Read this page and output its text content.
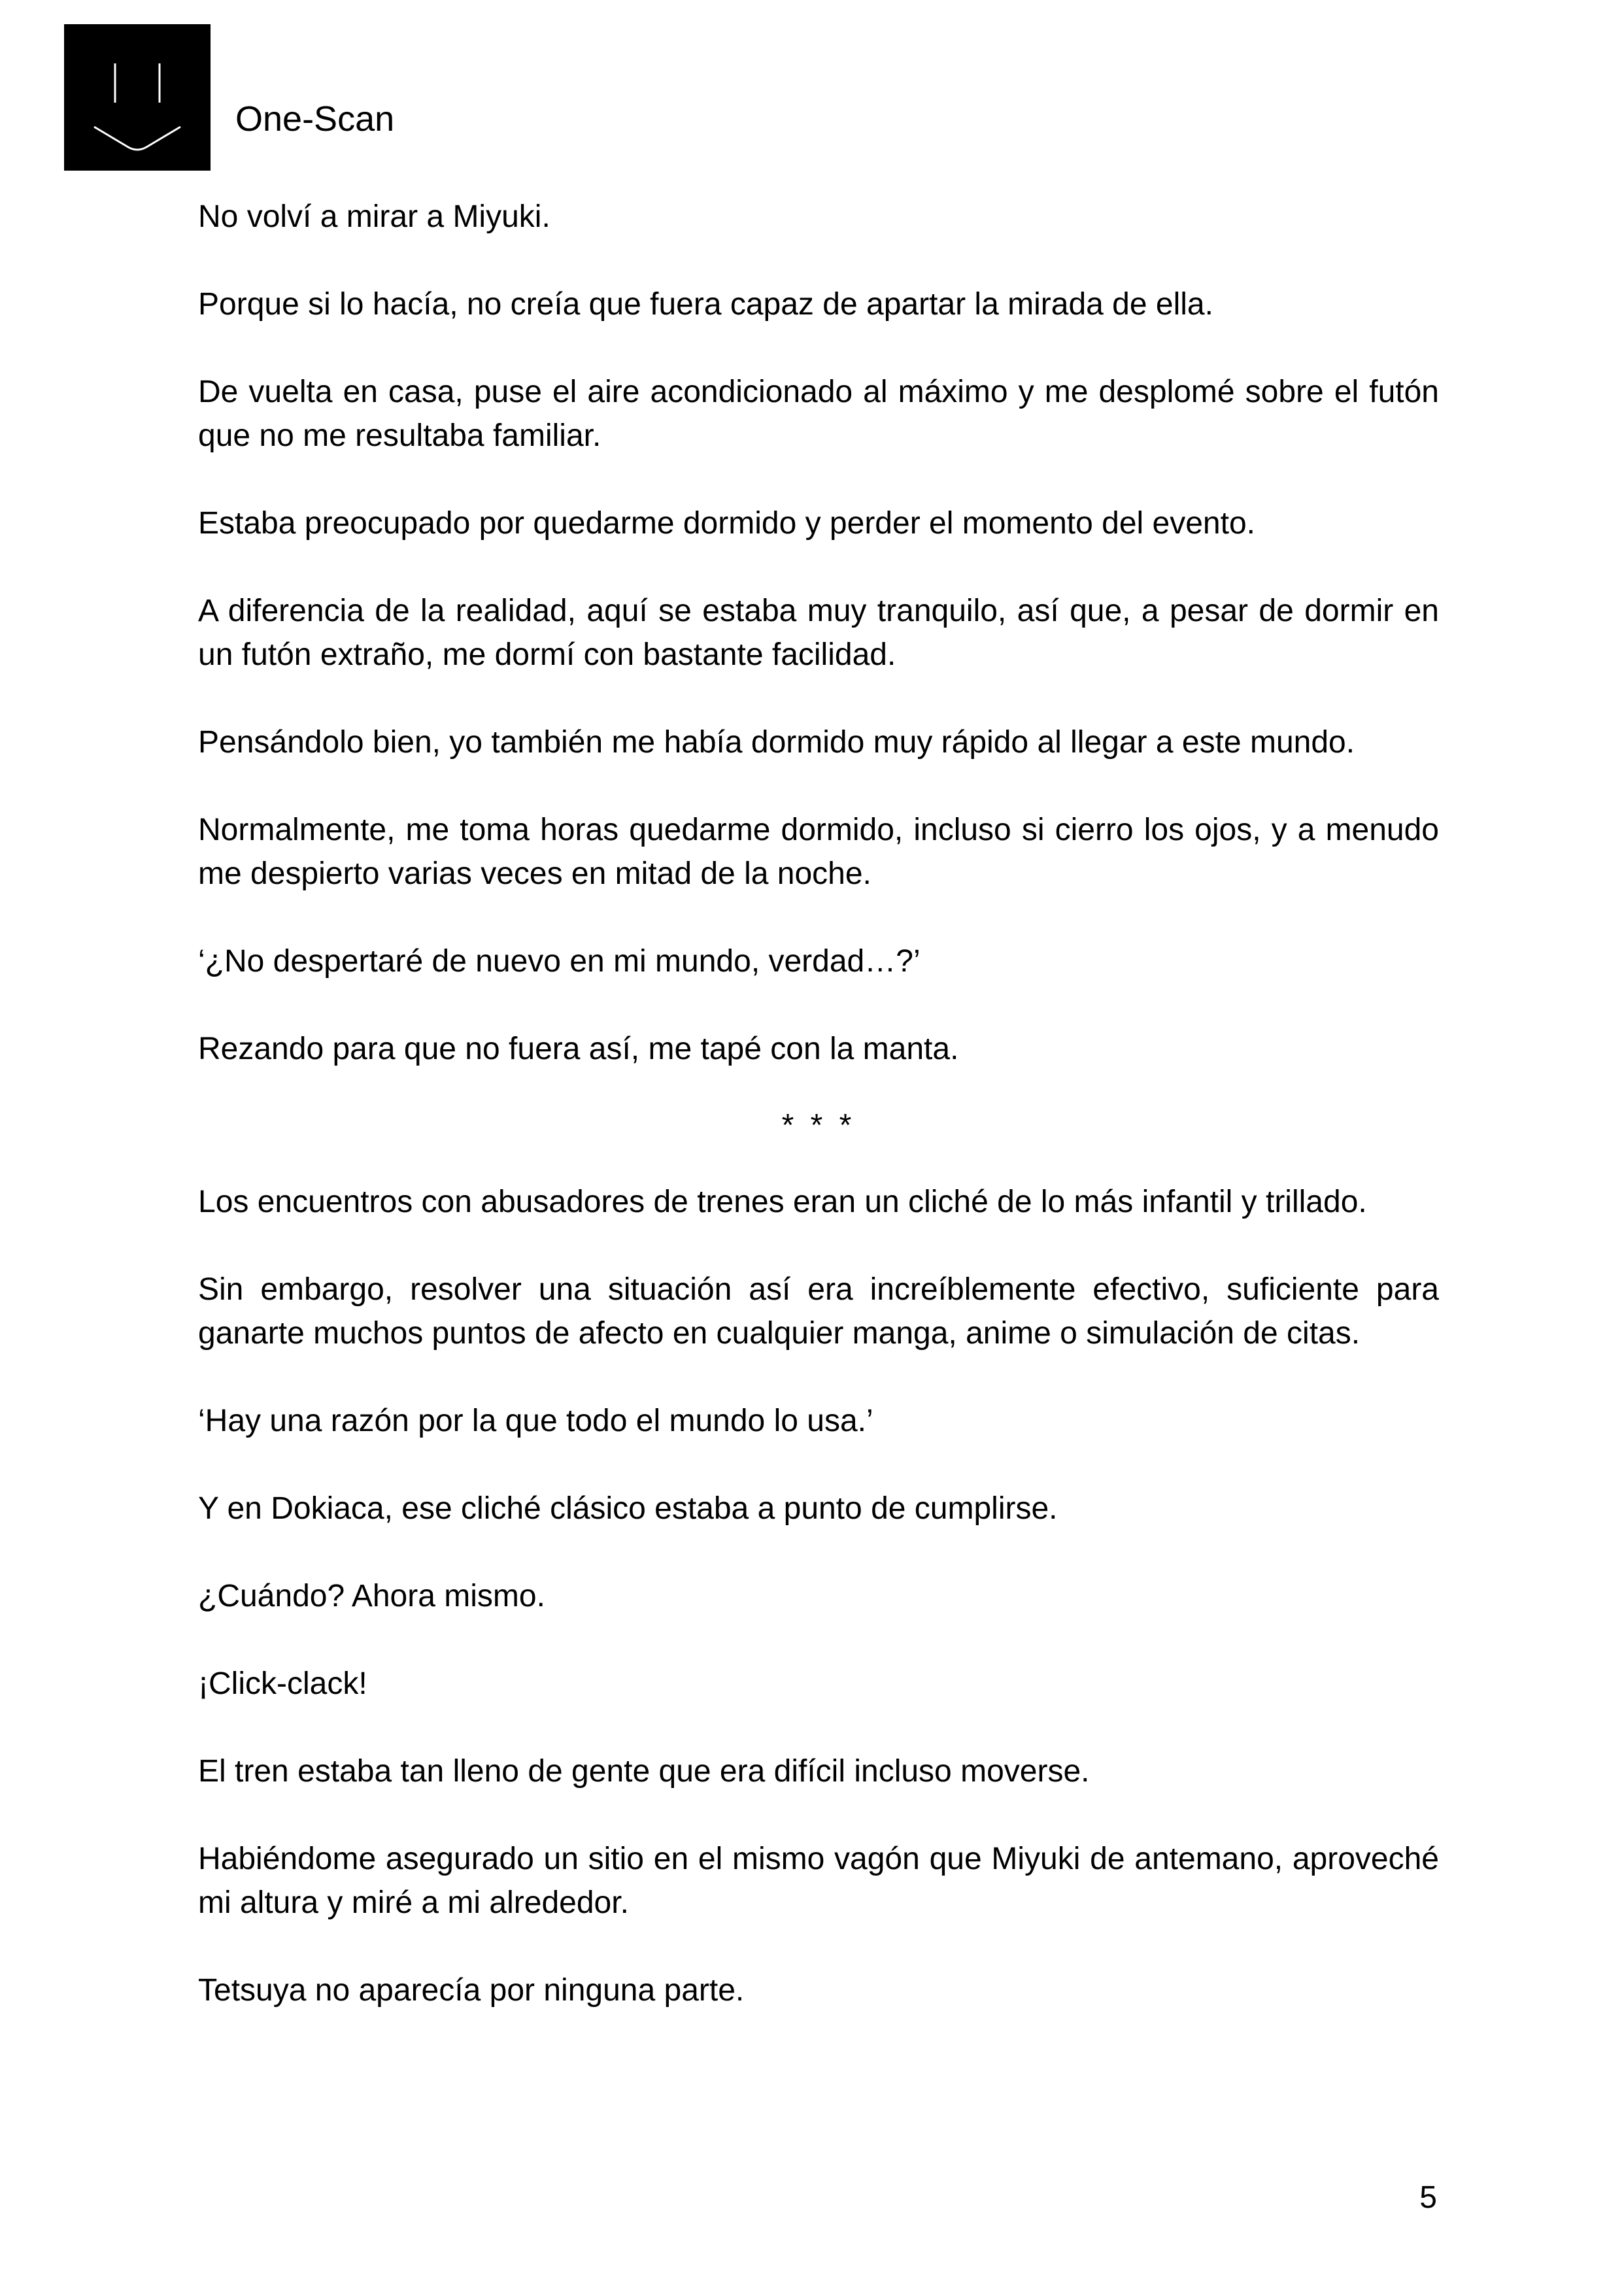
One-Scan

No volví a mirar a Miyuki.

Porque si lo hacía, no creía que fuera capaz de apartar la mirada de ella.

De vuelta en casa, puse el aire acondicionado al máximo y me desplomé sobre el futón que no me resultaba familiar.

Estaba preocupado por quedarme dormido y perder el momento del evento.

A diferencia de la realidad, aquí se estaba muy tranquilo, así que, a pesar de dormir en un futón extraño, me dormí con bastante facilidad.

Pensándolo bien, yo también me había dormido muy rápido al llegar a este mundo.

Normalmente, me toma horas quedarme dormido, incluso si cierro los ojos, y a menudo me despierto varias veces en mitad de la noche.

‘¿No despertaré de nuevo en mi mundo, verdad…?’

Rezando para que no fuera así, me tapé con la manta.

* * *

Los encuentros con abusadores de trenes eran un cliché de lo más infantil y trillado.

Sin embargo, resolver una situación así era increíblemente efectivo, suficiente para ganarte muchos puntos de afecto en cualquier manga, anime o simulación de citas.

‘Hay una razón por la que todo el mundo lo usa.’

Y en Dokiaca, ese cliché clásico estaba a punto de cumplirse.

¿Cuándo? Ahora mismo.

¡Click-clack!

El tren estaba tan lleno de gente que era difícil incluso moverse.

Habiéndome asegurado un sitio en el mismo vagón que Miyuki de antemano, aproveché mi altura y miré a mi alrededor.

Tetsuya no aparecía por ninguna parte.

5
